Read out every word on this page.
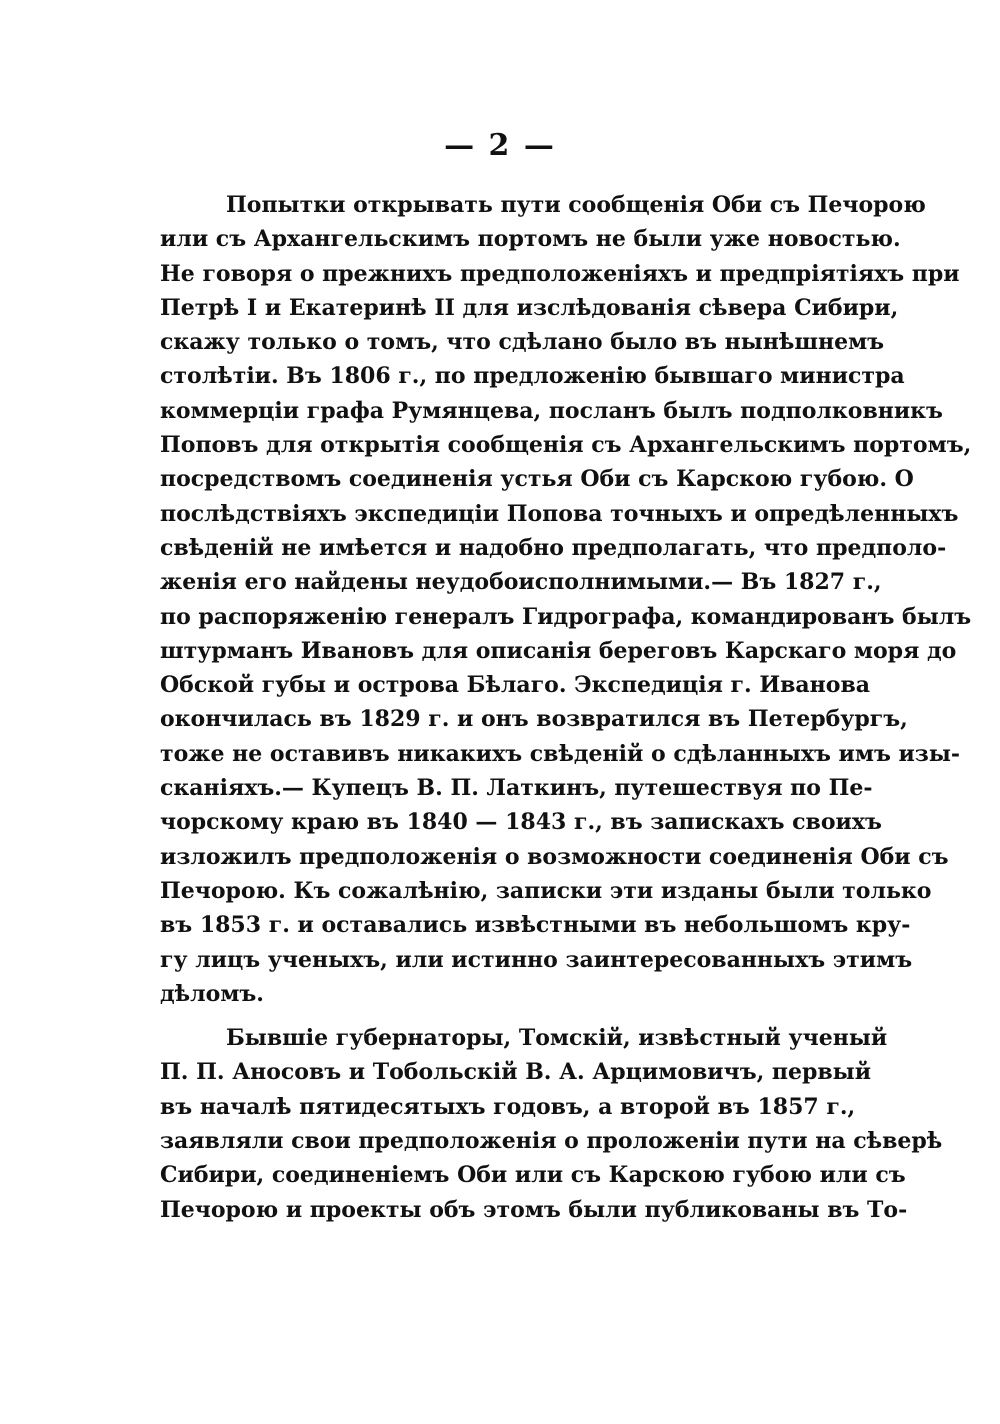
— 2 —
Попытки открывать пути сообщенія Оби съ Печорою
или съ Архангельскимъ портомъ не были уже новостью.
Не говоря о прежнихъ предположеніяхъ и предпріятіяхъ при
Петрѣ I и Екатеринѣ II для изслѣдованія сѣвера Сибири,
скажу только о томъ, что сдѣлано было въ нынѣшнемъ
столѣтіи. Въ 1806 г., по предложенію бывшаго министра
коммерціи графа Румянцева, посланъ былъ подполковникъ
Поповъ для открытія сообщенія съ Архангельскимъ портомъ,
посредствомъ соединенія устья Оби съ Карскою губою. О
послѣдствіяхъ экспедиціи Попова точныхъ и опредѣленныхъ
свѣденій не имѣется и надобно предполагать, что предполо-
женія его найдены неудобоисполнимыми.— Въ 1827 г.,
по распоряженію генералъ Гидрографа, командированъ былъ
штурманъ Ивановъ для описанія береговъ Карскаго моря до
Обской губы и острова Бѣлаго. Экспедиція г. Иванова
окончилась въ 1829 г. и онъ возвратился въ Петербургъ,
тоже не оставивъ никакихъ свѣденій о сдѣланныхъ имъ изы-
сканіяхъ.— Купецъ В. П. Латкинъ, путешествуя по Пе-
чорскому краю въ 1840 — 1843 г., въ запискахъ своихъ
изложилъ предположенія о возможности соединенія Оби съ
Печорою. Къ сожалѣнію, записки эти изданы были только
въ 1853 г. и оставались извѣстными въ небольшомъ кру-
гу лицъ ученыхъ, или истинно заинтересованныхъ этимъ
дѣломъ.
Бывшіе губернаторы, Томскій, извѣстный ученый
П. П. Аносовъ и Тобольскій В. А. Арцимовичъ, первый
въ началѣ пятидесятыхъ годовъ, а второй въ 1857 г.,
заявляли свои предположенія о проложеніи пути на сѣверѣ
Сибири, соединеніемъ Оби или съ Карскою губою или съ
Печорою и проекты объ этомъ были публикованы въ То-
